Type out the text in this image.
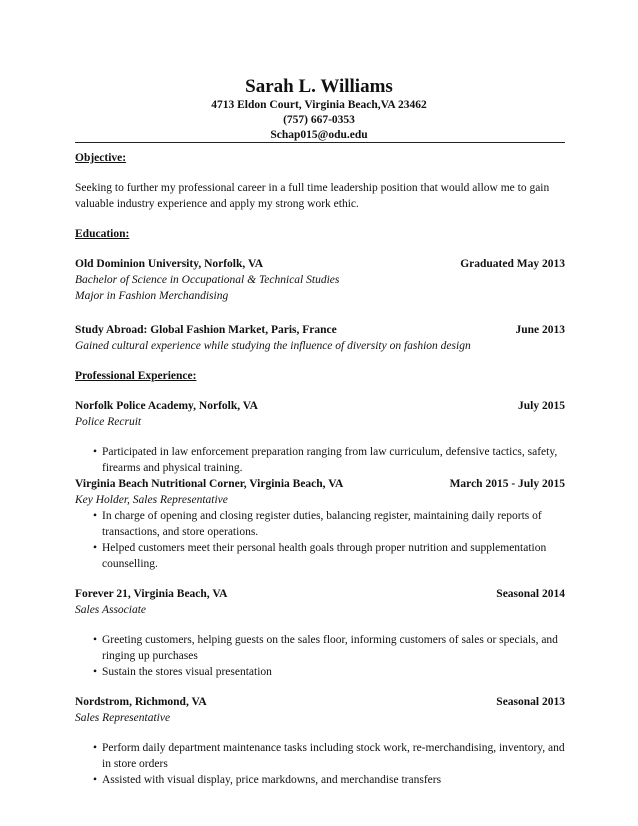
Sarah L. Williams
4713 Eldon Court, Virginia Beach,VA 23462
(757) 667-0353
Schap015@odu.edu

Objective:

Seeking to further my professional career in a full time leadership position that would allow me to gain valuable industry experience and apply my strong work ethic.

Education:

Old Dominion University, Norfolk, VA	Graduated May 2013

Bachelor of Science in Occupational & Technical Studies

Major in Fashion Merchandising

Study Abroad: Global Fashion Market, Paris, France	June 2013

Gained cultural experience while studying the influence of diversity on fashion design

Professional Experience:

Norfolk Police Academy, Norfolk, VA	July 2015

Police Recruit

• Participated in law enforcement preparation ranging from law curriculum, defensive tactics, safety, firearms and physical training.
Virginia Beach Nutritional Corner, Virginia Beach, VA	March 2015 - July 2015

Key Holder, Sales Representative

• In charge of opening and closing register duties, balancing register, maintaining daily reports of transactions, and store operations.
• Helped customers meet their personal health goals through proper nutrition and supplementation counselling.
Forever 21, Virginia Beach, VA	Seasonal 2014

Sales Associate

• Greeting customers, helping guests on the sales floor, informing customers of sales or specials, and ringing up purchases
• Sustain the stores visual presentation
Nordstrom, Richmond, VA	Seasonal 2013

Sales Representative

• Perform daily department maintenance tasks including stock work, re-merchandising, inventory, and in store orders
• Assisted with visual display, price markdowns, and merchandise transfers
